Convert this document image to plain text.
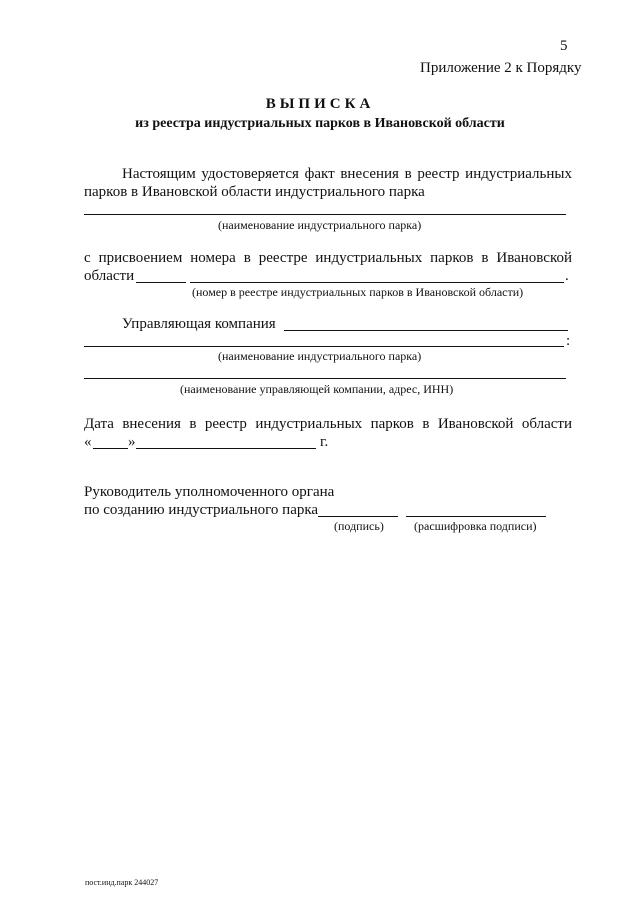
5
Приложение 2 к Порядку
ВЫПИСКА
из реестра индустриальных парков в Ивановской области
Настоящим удостоверяется факт внесения в реестр индустриальных
парков в Ивановской области индустриального парка
(наименование индустриального парка)
с присвоением номера в реестре индустриальных парков в Ивановской
области	.
(номер в реестре индустриальных парков в Ивановской области)
Управляющая компания
:
(наименование индустриального парка)
(наименование управляющей компании, адрес, ИНН)
Дата внесения в реестр индустриальных парков в Ивановской области
« »	г.
Руководитель уполномоченного органа
по созданию индустриального парка
(подпись)	(расшифровка подписи)
пост.инд.парк 244027
